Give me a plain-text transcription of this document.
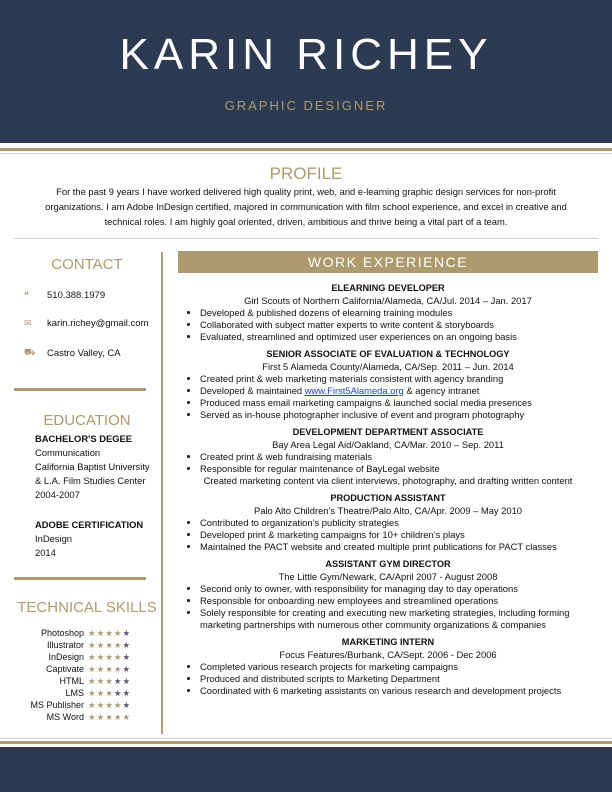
KARIN RICHEY
GRAPHIC DESIGNER
PROFILE
For the past 9 years I have worked delivered high quality print, web, and e-learning graphic design services for non-profit organizations. I am Adobe InDesign certified, majored in communication with film school experience, and excel in creative and technical roles. I am highly goal oriented, driven, ambitious and thrive being a vital part of a team.
CONTACT
❝	510.388.1979
✉	karin.richey@gmail.com
⛟ Castro Valley, CA
EDUCATION
BACHELOR'S DEGEE
Communication
California Baptist University
& L.A. Film Studies Center
2004-2007
ADOBE CERTIFICATION
InDesign
2014
TECHNICAL SKILLS
Photoshop ★★★★★
Illustrator ★★★★★
InDesign ★★★★★
Captivate ★★★★★
HTML ★★★★★
LMS ★★★★★
MS Publisher ★★★★★
MS Word ★★★★★
WORK EXPERIENCE
ELEARNING DEVELOPER
Girl Scouts of Northern California/Alameda, CA/Jul. 2014 – Jan. 2017
• Developed & published dozens of elearning training modules
• Collaborated with subject matter experts to write content & storyboards
• Evaluated, streamlined and optimized user experiences on an ongoing basis
SENIOR ASSOCIATE OF EVALUATION & TECHNOLOGY
First 5 Alameda County/Alameda, CA/Sep. 2011 – Jun. 2014
• Created print & web marketing materials consistent with agency branding
• Developed & maintained www.First5Alameda.org & agency intranet
• Produced mass email marketing campaigns & launched social media presences
• Served as in-house photographer inclusive of event and program photography
DEVELOPMENT DEPARTMENT ASSOCIATE
Bay Area Legal Aid/Oakland, CA/Mar. 2010 – Sep. 2011
• Created print & web fundraising materials
• Responsible for regular maintenance of BayLegal website
Created marketing content via client interviews, photography, and drafting written content
PRODUCTION ASSISTANT
Palo Alto Children’s Theatre/Palo Alto, CA/Apr. 2009 – May 2010
• Contributed to organization’s publicity strategies
• Developed print & marketing campaigns for 10+ children’s plays
• Maintained the PACT website and created multiple print publications for PACT classes
ASSISTANT GYM DIRECTOR
The Little Gym/Newark, CA/April 2007 - August 2008
• Second only to owner, with responsibility for managing day to day operations
• Responsible for onboarding new employees and streamlined operations
• Solely responsible for creating and executing new marketing strategies, including forming marketing partnerships with numerous other community organizations & companies
MARKETING INTERN
Focus Features/Burbank, CA/Sept. 2006 - Dec 2006
• Completed various research projects for marketing campaigns
• Produced and distributed scripts to Marketing Department
• Coordinated with 6 marketing assistants on various research and development projects
